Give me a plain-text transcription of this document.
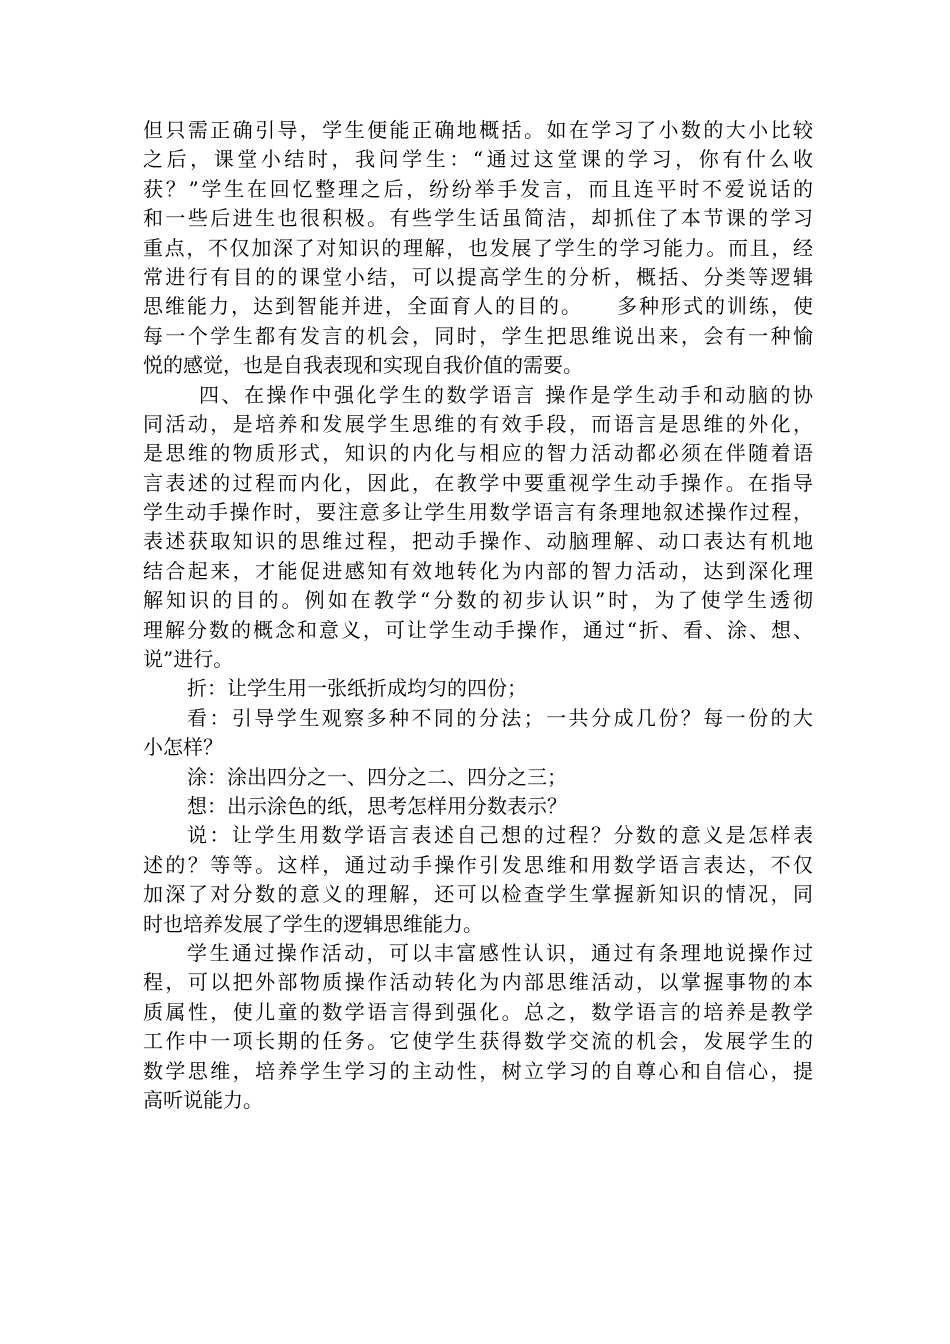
但只需正确引导，学生便能正确地概括。如在学习了小数的大小比较
之后，课堂小结时，我问学生：“通过这堂课的学习，你有什么收
获？”学生在回忆整理之后，纷纷举手发言，而且连平时不爱说话的
和一些后进生也很积极。有些学生话虽简洁，却抓住了本节课的学习
重点，不仅加深了对知识的理解，也发展了学生的学习能力。而且，经
常进行有目的的课堂小结，可以提高学生的分析，概括、分类等逻辑
思维能力，达到智能并进，全面育人的目的。　　多种形式的训练，使
每一个学生都有发言的机会，同时，学生把思维说出来，会有一种愉
悦的感觉，也是自我表现和实现自我价值的需要。
四、在操作中强化学生的数学语言 操作是学生动手和动脑的协
同活动，是培养和发展学生思维的有效手段，而语言是思维的外化，
是思维的物质形式，知识的内化与相应的智力活动都必须在伴随着语
言表述的过程而内化，因此，在教学中要重视学生动手操作。在指导
学生动手操作时，要注意多让学生用数学语言有条理地叙述操作过程，
表述获取知识的思维过程，把动手操作、动脑理解、动口表达有机地
结合起来，才能促进感知有效地转化为内部的智力活动，达到深化理
解知识的目的。例如在教学“分数的初步认识”时，为了使学生透彻
理解分数的概念和意义，可让学生动手操作，通过“折、看、涂、想、
说”进行。
折：让学生用一张纸折成均匀的四份；
看：引导学生观察多种不同的分法；一共分成几份？每一份的大
小怎样？
涂：涂出四分之一、四分之二、四分之三；
想：出示涂色的纸，思考怎样用分数表示？
说：让学生用数学语言表述自己想的过程？分数的意义是怎样表
述的？等等。这样，通过动手操作引发思维和用数学语言表达，不仅
加深了对分数的意义的理解，还可以检查学生掌握新知识的情况，同
时也培养发展了学生的逻辑思维能力。
学生通过操作活动，可以丰富感性认识，通过有条理地说操作过
程，可以把外部物质操作活动转化为内部思维活动，以掌握事物的本
质属性，使儿童的数学语言得到强化。总之，数学语言的培养是教学
工作中一项长期的任务。它使学生获得数学交流的机会，发展学生的
数学思维，培养学生学习的主动性，树立学习的自尊心和自信心，提
高听说能力。
